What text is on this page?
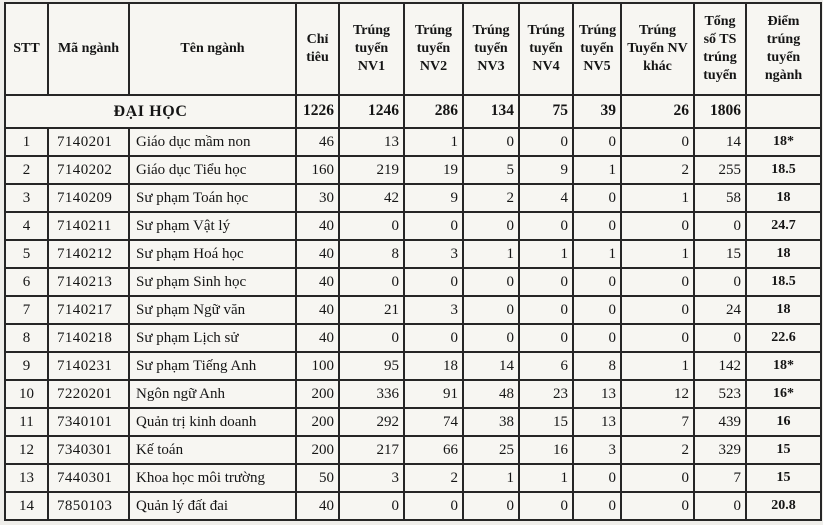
STT	Mã ngành	Tên ngành	Chỉ tiêu	Trúng tuyển NV1	Trúng tuyển NV2	Trúng tuyển NV3	Trúng tuyển NV4	Trúng tuyển NV5	Trúng Tuyển NV khác	Tổng số TS trúng tuyển	Điểm trúng tuyển ngành
ĐẠI HỌC			1226	1246	286	134	75	39	26	1806	
1	7140201	Giáo dục mầm non	46	13	1	0	0	0	0	14	18*
2	7140202	Giáo dục Tiểu học	160	219	19	5	9	1	2	255	18.5
3	7140209	Sư phạm Toán học	30	42	9	2	4	0	1	58	18
4	7140211	Sư phạm Vật lý	40	0	0	0	0	0	0	0	24.7
5	7140212	Sư phạm Hoá học	40	8	3	1	1	1	1	15	18
6	7140213	Sư phạm Sinh học	40	0	0	0	0	0	0	0	18.5
7	7140217	Sư phạm Ngữ văn	40	21	3	0	0	0	0	24	18
8	7140218	Sư phạm Lịch sử	40	0	0	0	0	0	0	0	22.6
9	7140231	Sư phạm Tiếng Anh	100	95	18	14	6	8	1	142	18*
10	7220201	Ngôn ngữ Anh	200	336	91	48	23	13	12	523	16*
11	7340101	Quản trị kinh doanh	200	292	74	38	15	13	7	439	16
12	7340301	Kế toán	200	217	66	25	16	3	2	329	15
13	7440301	Khoa học môi trường	50	3	2	1	1	0	0	7	15
14	7850103	Quản lý đất đai	40	0	0	0	0	0	0	0	20.8
